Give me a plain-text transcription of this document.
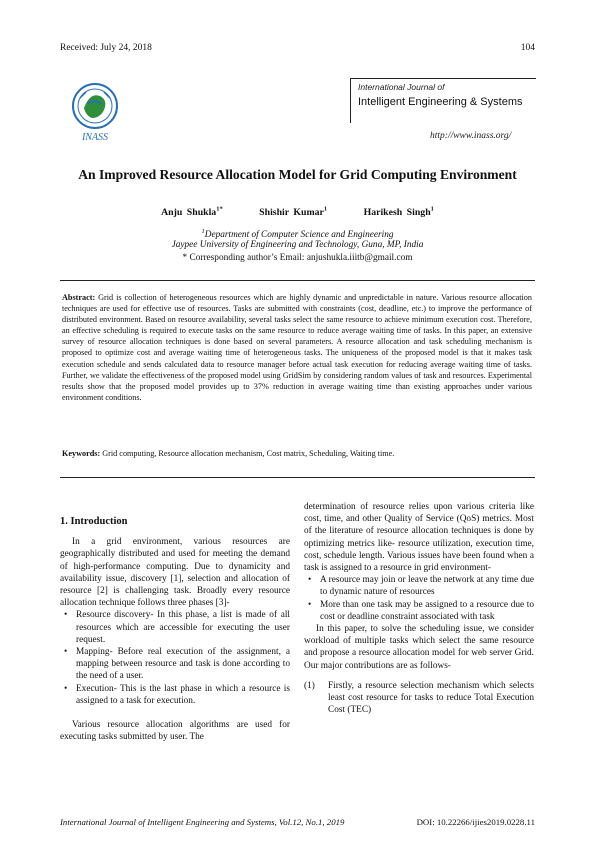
Received: July 24, 2018	104
INASS
International Journal of
Intelligent Engineering & Systems
http://www.inass.org/
An Improved Resource Allocation Model for Grid Computing Environment
Anju Shukla$^{1*}$	Shishir Kumar$^1$	Harikesh Singh$^1$
$^1$Department of Computer Science and Engineering
Jaypee University of Engineering and Technology, Guna, MP, India
* Corresponding author’s Email: anjushukla.iiitb@gmail.com
Abstract: Grid is collection of heterogeneous resources which are highly dynamic and unpredictable in nature. Various resource allocation techniques are used for effective use of resources. Tasks are submitted with constraints (cost, deadline, etc.) to improve the performance of distributed environment. Based on resource availability, several tasks select the same resource to achieve minimum execution cost. Therefore, an effective scheduling is required to execute tasks on the same resource to reduce average waiting time of tasks. In this paper, an extensive survey of resource allocation techniques is done based on several parameters. A resource allocation and task scheduling mechanism is proposed to optimize cost and average waiting time of heterogeneous tasks. The uniqueness of the proposed model is that it makes task execution schedule and sends calculated data to resource manager before actual task execution for reducing average waiting time of tasks. Further, we validate the effectiveness of the proposed model using GridSim by considering random values of task and resources. Experimental results show that the proposed model provides up to 37% reduction in average waiting time than existing approaches under various environment conditions.
Keywords: Grid computing, Resource allocation mechanism, Cost matrix, Scheduling, Waiting time.
1. Introduction

In a grid environment, various resources are geographically distributed and used for meeting the demand of high-performance computing. Due to dynamicity and availability issue, discovery [1], selection and allocation of resource [2] is challenging task. Broadly every resource allocation technique follows three phases [3]-

• Resource discovery- In this phase, a list is made of all resources which are accessible for executing the user request.
• Mapping- Before real execution of the assignment, a mapping between resource and task is done according to the need of a user.
• Execution- This is the last phase in which a resource is assigned to a task for execution.

Various resource allocation algorithms are used for executing tasks submitted by user. The

determination of resource relies upon various criteria like cost, time, and other Quality of Service (QoS) metrics. Most of the literature of resource allocation techniques is done by optimizing metrics like- resource utilization, execution time, cost, schedule length. Various issues have been found when a task is assigned to a resource in grid environment-

• A resource may join or leave the network at any time due to dynamic nature of resources
• More than one task may be assigned to a resource due to cost or deadline constraint associated with task

In this paper, to solve the scheduling issue, we consider workload of multiple tasks which select the same resource and propose a resource allocation model for web server Grid. Our major contributions are as follows-

(1) Firstly, a resource selection mechanism which selects least cost resource for tasks to reduce Total Execution Cost (TEC)
International Journal of Intelligent Engineering and Systems, Vol.12, No.1, 2019	DOI: 10.22266/ijies2019.0228.11
